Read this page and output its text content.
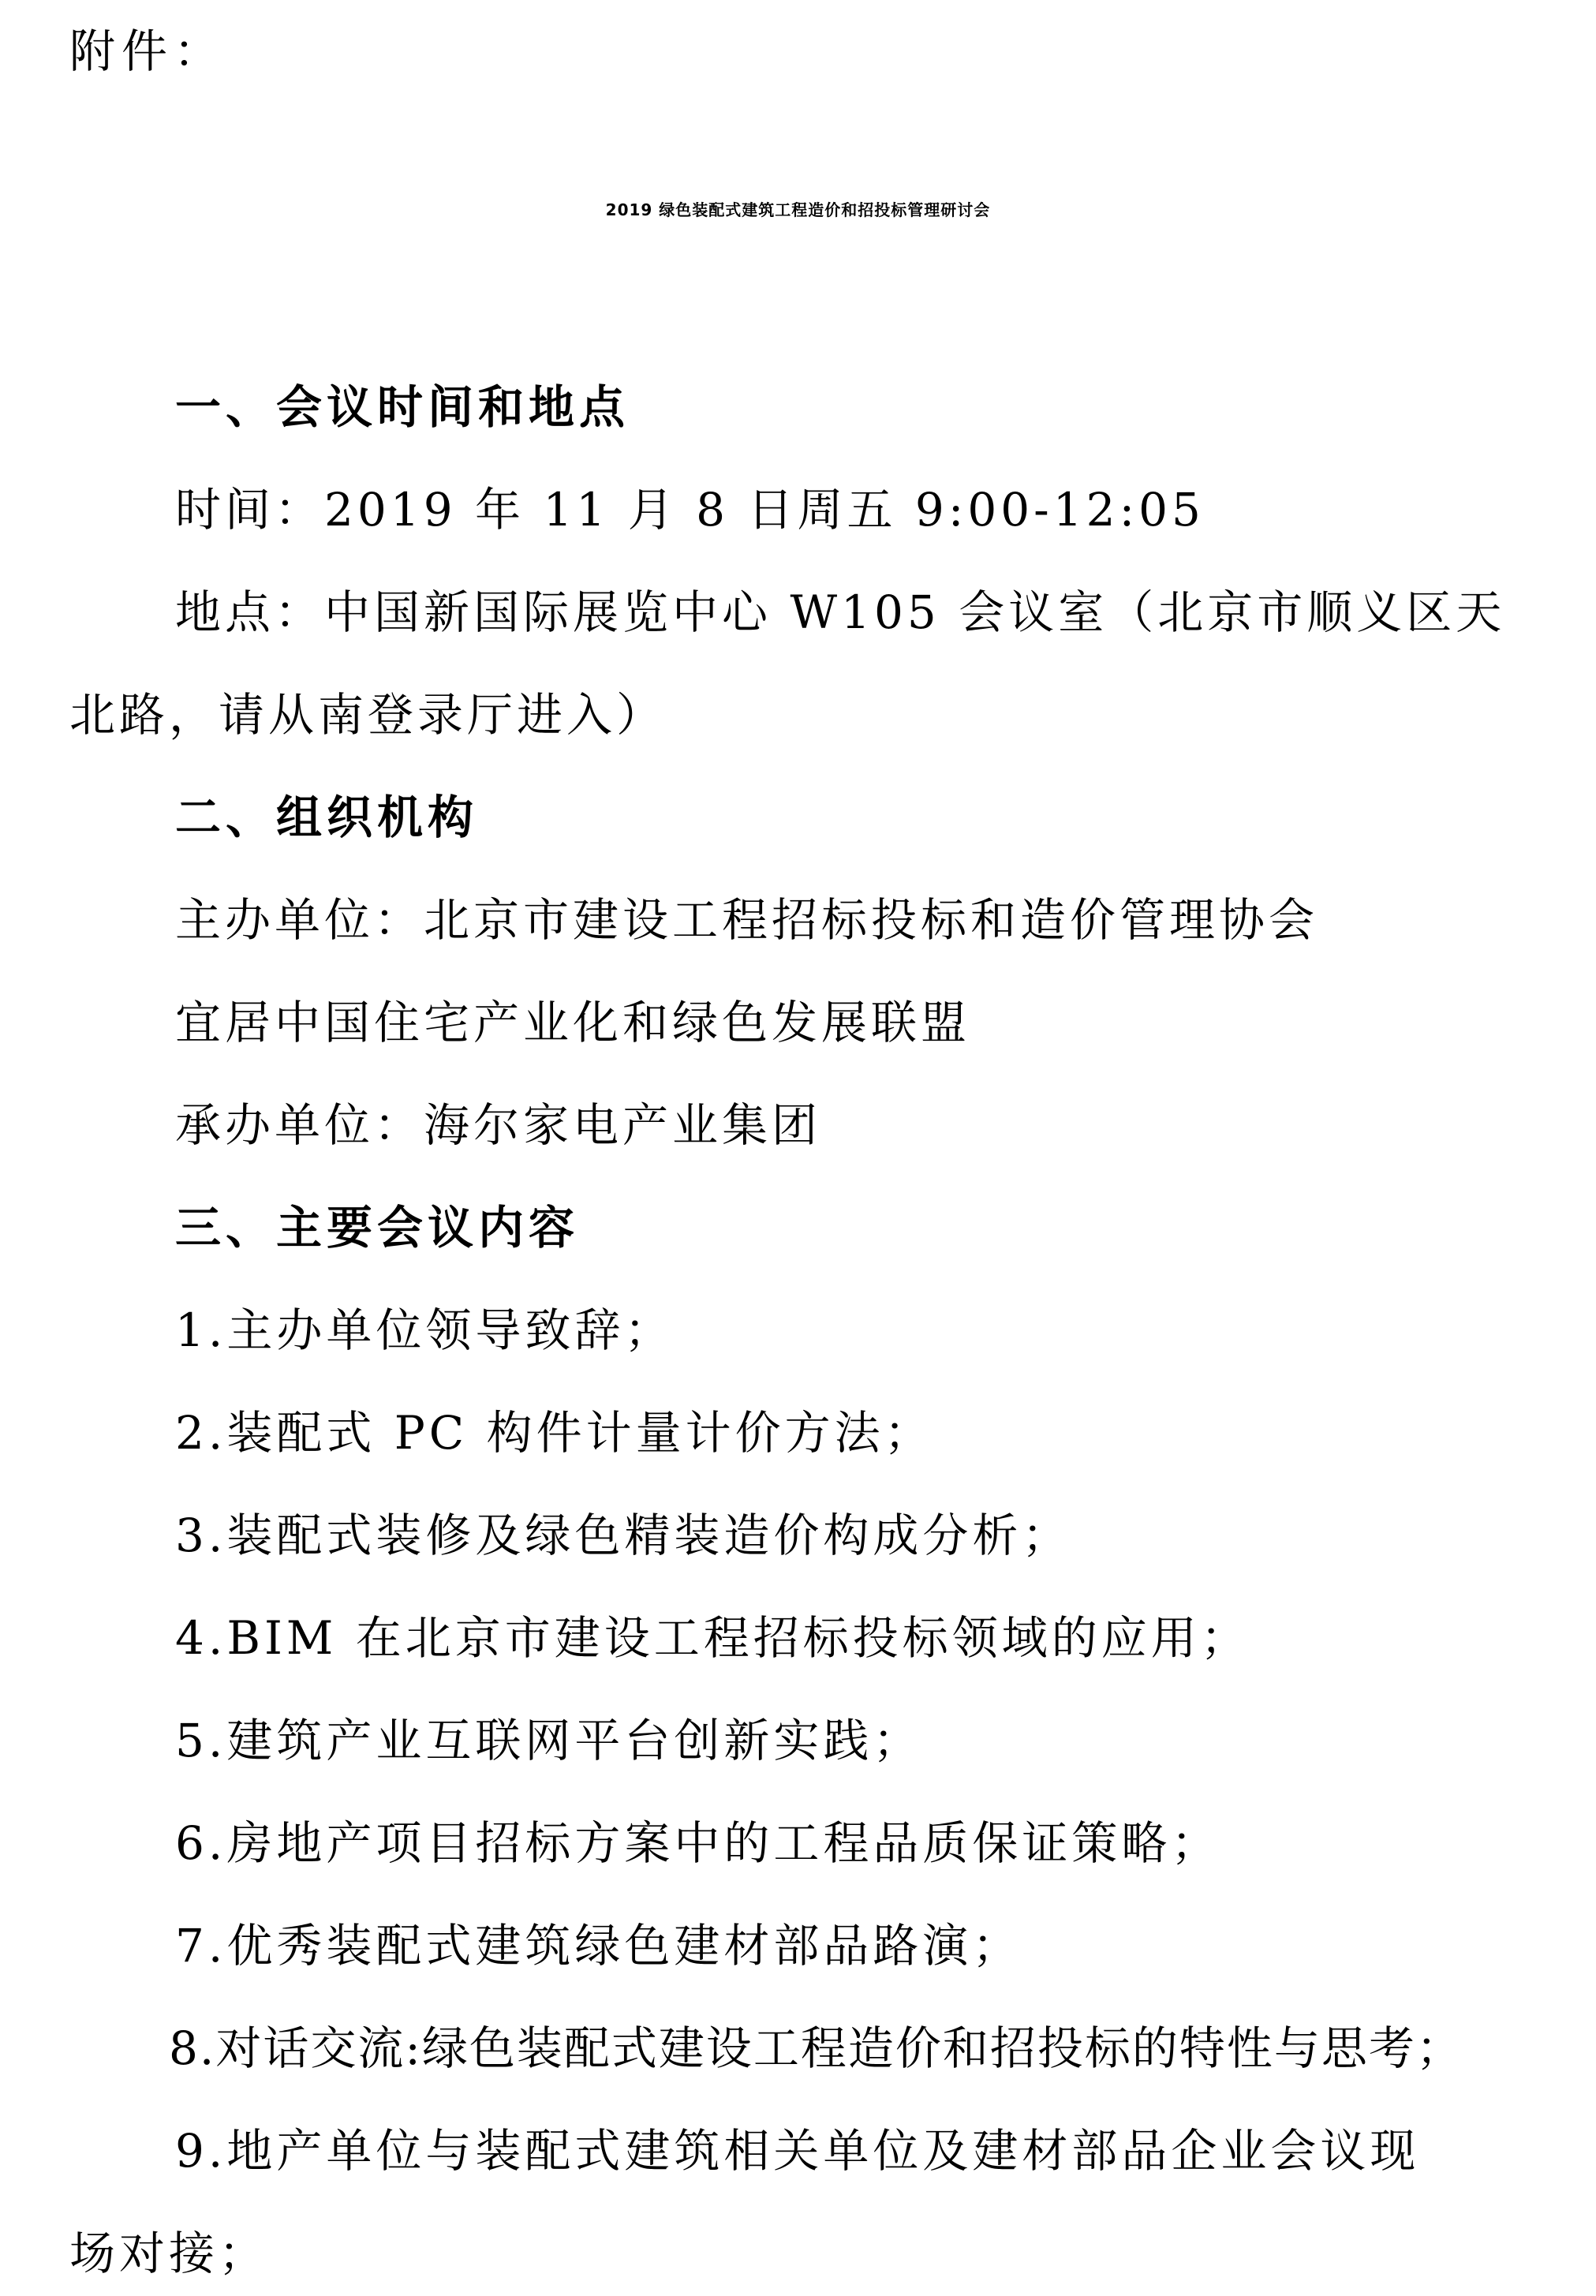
附件：
2019 绿色装配式建筑工程造价和招投标管理研讨会
一、会议时间和地点
时间：2019 年 11 月 8 日周五 9:00-12:05
地点：中国新国际展览中心 W105 会议室（北京市顺义区天
北路，请从南登录厅进入）
二、组织机构
主办单位：北京市建设工程招标投标和造价管理协会
宜居中国住宅产业化和绿色发展联盟
承办单位：海尔家电产业集团
三、主要会议内容
1.主办单位领导致辞；
2.装配式 PC 构件计量计价方法；
3.装配式装修及绿色精装造价构成分析；
4.BIM 在北京市建设工程招标投标领域的应用；
5.建筑产业互联网平台创新实践；
6.房地产项目招标方案中的工程品质保证策略；
7.优秀装配式建筑绿色建材部品路演；
8.对话交流:绿色装配式建设工程造价和招投标的特性与思考；
9.地产单位与装配式建筑相关单位及建材部品企业会议现
场对接；
